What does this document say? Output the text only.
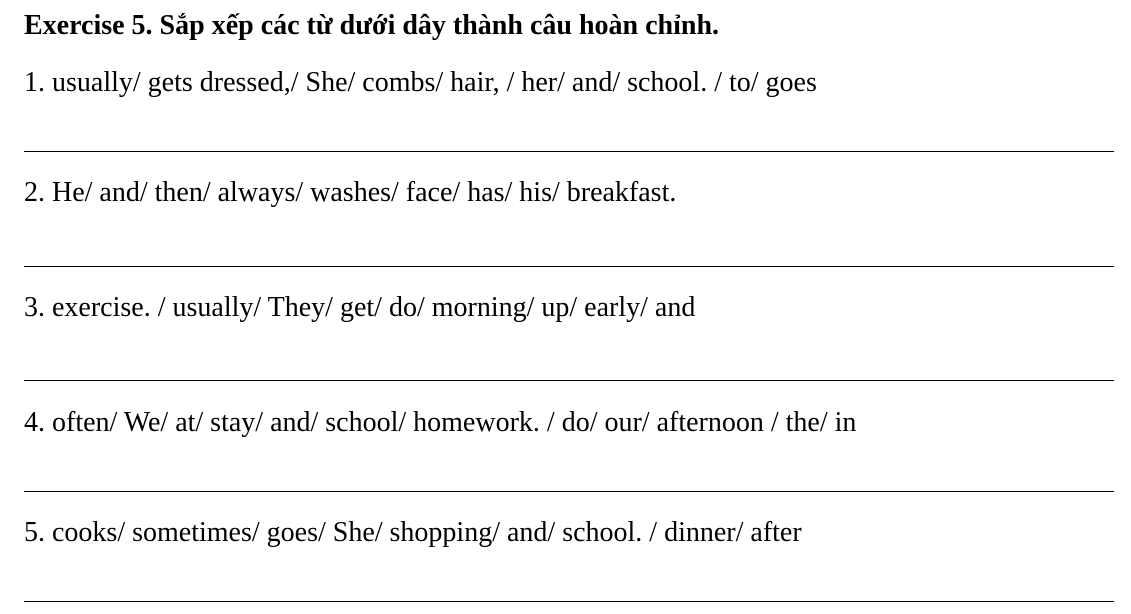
Exercise 5. Sắp xếp các từ dưới dây thành câu hoàn chỉnh.
1. usually/ gets dressed,/ She/ combs/ hair, / her/ and/ school. / to/ goes
2. He/ and/ then/ always/ washes/ face/ has/ his/ breakfast.
3. exercise. / usually/ They/ get/ do/ morning/ up/ early/ and
4. often/ We/ at/ stay/ and/ school/ homework. / do/ our/ afternoon / the/ in
5. cooks/ sometimes/ goes/ She/ shopping/ and/ school. / dinner/ after
